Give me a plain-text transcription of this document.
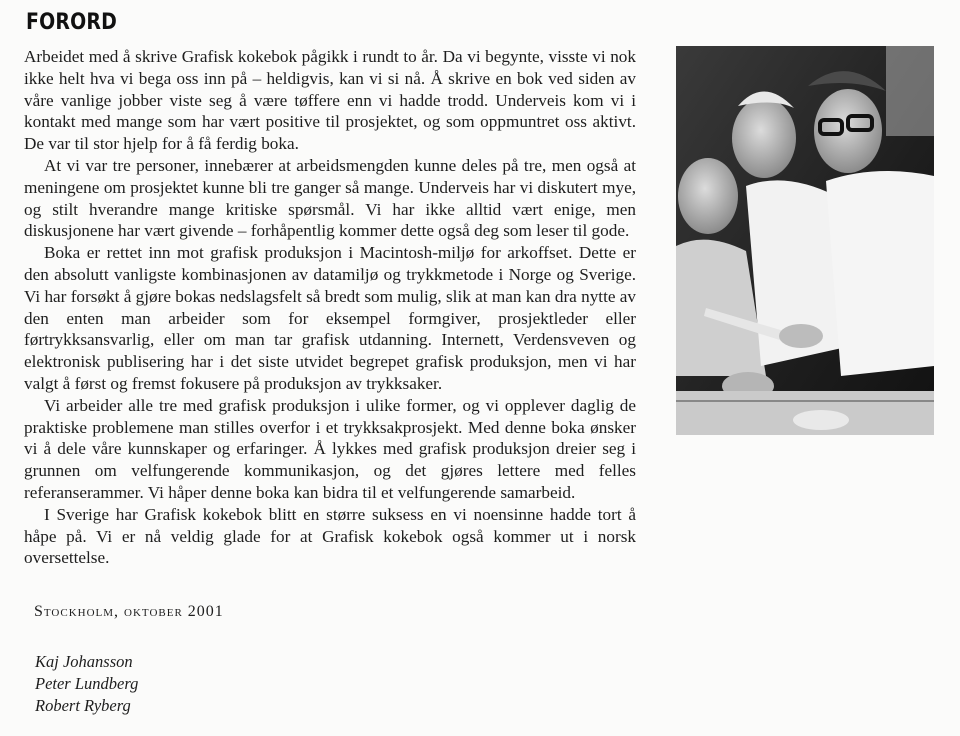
FORORD

Arbeidet med å skrive Grafisk kokebok pågikk i rundt to år. Da vi begynte, visste vi nok ikke helt hva vi bega oss inn på – heldigvis, kan vi si nå. Å skrive en bok ved siden av våre vanlige jobber viste seg å være tøffere enn vi hadde trodd. Underveis kom vi i kontakt med mange som har vært positive til prosjektet, og som oppmuntret oss aktivt. De var til stor hjelp for å få ferdig boka.

At vi var tre personer, innebærer at arbeidsmengden kunne deles på tre, men også at meningene om prosjektet kunne bli tre ganger så mange. Underveis har vi diskutert mye, og stilt hverandre mange kritiske spørsmål. Vi har ikke alltid vært enige, men diskusjonene har vært givende – forhåpentlig kommer dette også deg som leser til gode.

Boka er rettet inn mot grafisk produksjon i Macintosh-miljø for arkoffset. Dette er den absolutt vanligste kombinasjonen av datamiljø og trykkmetode i Norge og Sverige. Vi har forsøkt å gjøre bokas nedslagsfelt så bredt som mulig, slik at man kan dra nytte av den enten man arbeider som for eksempel formgiver, prosjektleder eller førtrykksansvarlig, eller om man tar grafisk utdanning. Internett, Verdensveven og elektronisk publisering har i det siste utvidet begrepet grafisk produksjon, men vi har valgt å først og fremst fokusere på produksjon av trykksaker.

Vi arbeider alle tre med grafisk produksjon i ulike former, og vi opplever daglig de praktiske problemene man stilles overfor i et trykksakprosjekt. Med denne boka ønsker vi å dele våre kunnskaper og erfaringer. Å lykkes med grafisk produksjon dreier seg i grunnen om velfungerende kommunikasjon, og det gjøres lettere med felles referanserammer. Vi håper denne boka kan bidra til et velfungerende samarbeid.

I Sverige har Grafisk kokebok blitt en større suksess en vi noensinne hadde tort å håpe på. Vi er nå veldig glade for at Grafisk kokebok også kommer ut i norsk oversettelse.

Stockholm, oktober 2001
Kaj Johansson
Peter Lundberg
Robert Ryberg
